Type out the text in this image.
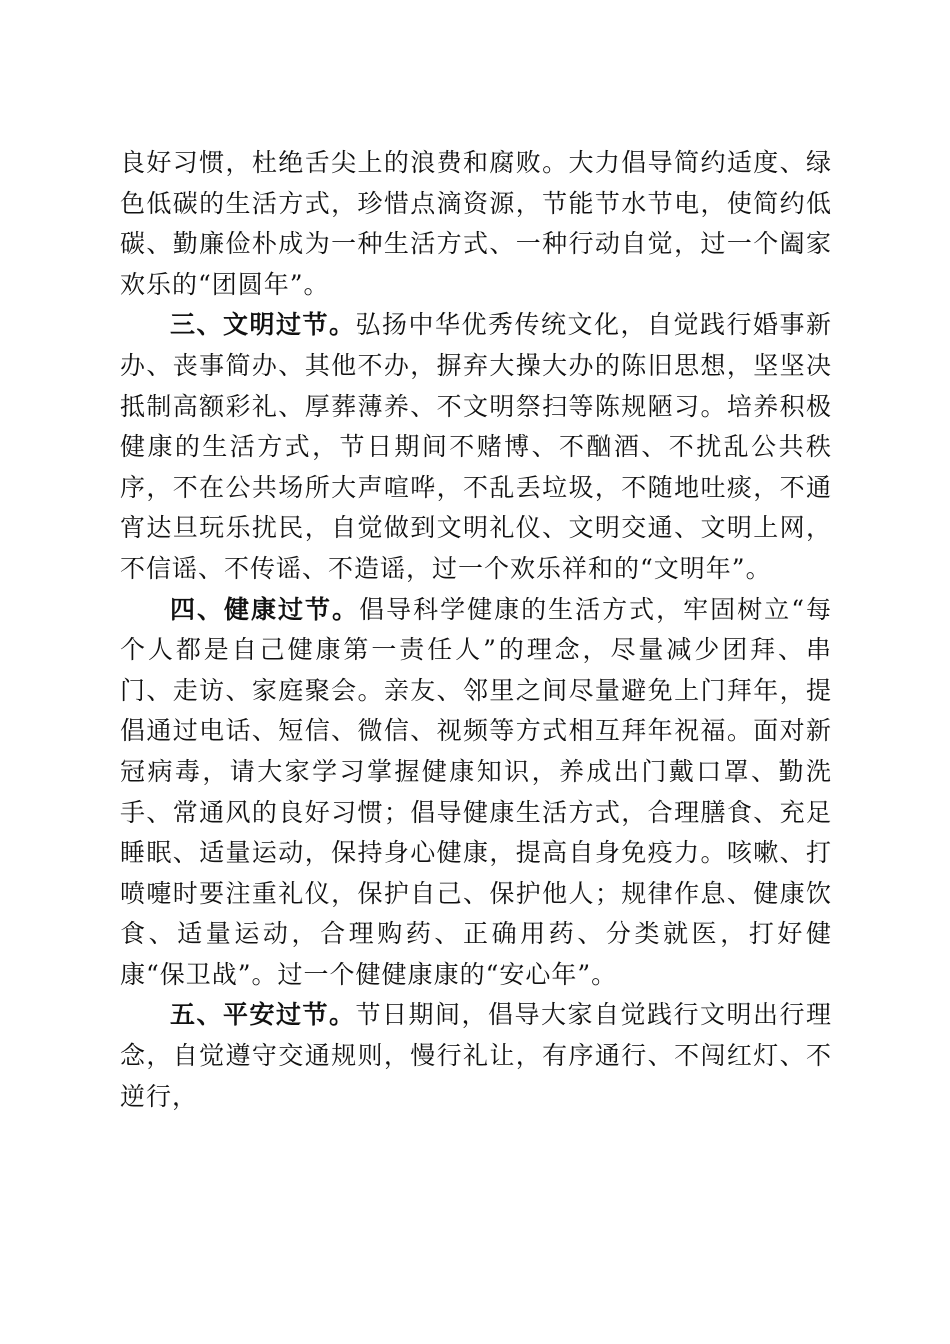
良好习惯，杜绝舌尖上的浪费和腐败。大力倡导简约适度、绿色低碳的生活方式，珍惜点滴资源，节能节水节电，使简约低碳、勤廉俭朴成为一种生活方式、一种行动自觉，过一个阖家欢乐的“团圆年”。

三、文明过节。弘扬中华优秀传统文化，自觉践行婚事新办、丧事简办、其他不办，摒弃大操大办的陈旧思想，坚坚决抵制高额彩礼、厚葬薄养、不文明祭扫等陈规陋习。培养积极健康的生活方式，节日期间不赌博、不酗酒、不扰乱公共秩序，不在公共场所大声喧哗，不乱丢垃圾，不随地吐痰，不通宵达旦玩乐扰民，自觉做到文明礼仪、文明交通、文明上网，不信谣、不传谣、不造谣，过一个欢乐祥和的“文明年”。

四、健康过节。倡导科学健康的生活方式，牢固树立“每个人都是自己健康第一责任人”的理念，尽量减少团拜、串门、走访、家庭聚会。亲友、邻里之间尽量避免上门拜年，提倡通过电话、短信、微信、视频等方式相互拜年祝福。面对新冠病毒，请大家学习掌握健康知识，养成出门戴口罩、勤洗手、常通风的良好习惯；倡导健康生活方式，合理膳食、充足睡眠、适量运动，保持身心健康，提高自身免疫力。咳嗽、打喷嚏时要注重礼仪，保护自己、保护他人；规律作息、健康饮食、适量运动，合理购药、正确用药、分类就医，打好健康“保卫战”。过一个健健康康的“安心年”。

五、平安过节。节日期间，倡导大家自觉践行文明出行理念，自觉遵守交通规则，慢行礼让，有序通行、不闯红灯、不逆行，
